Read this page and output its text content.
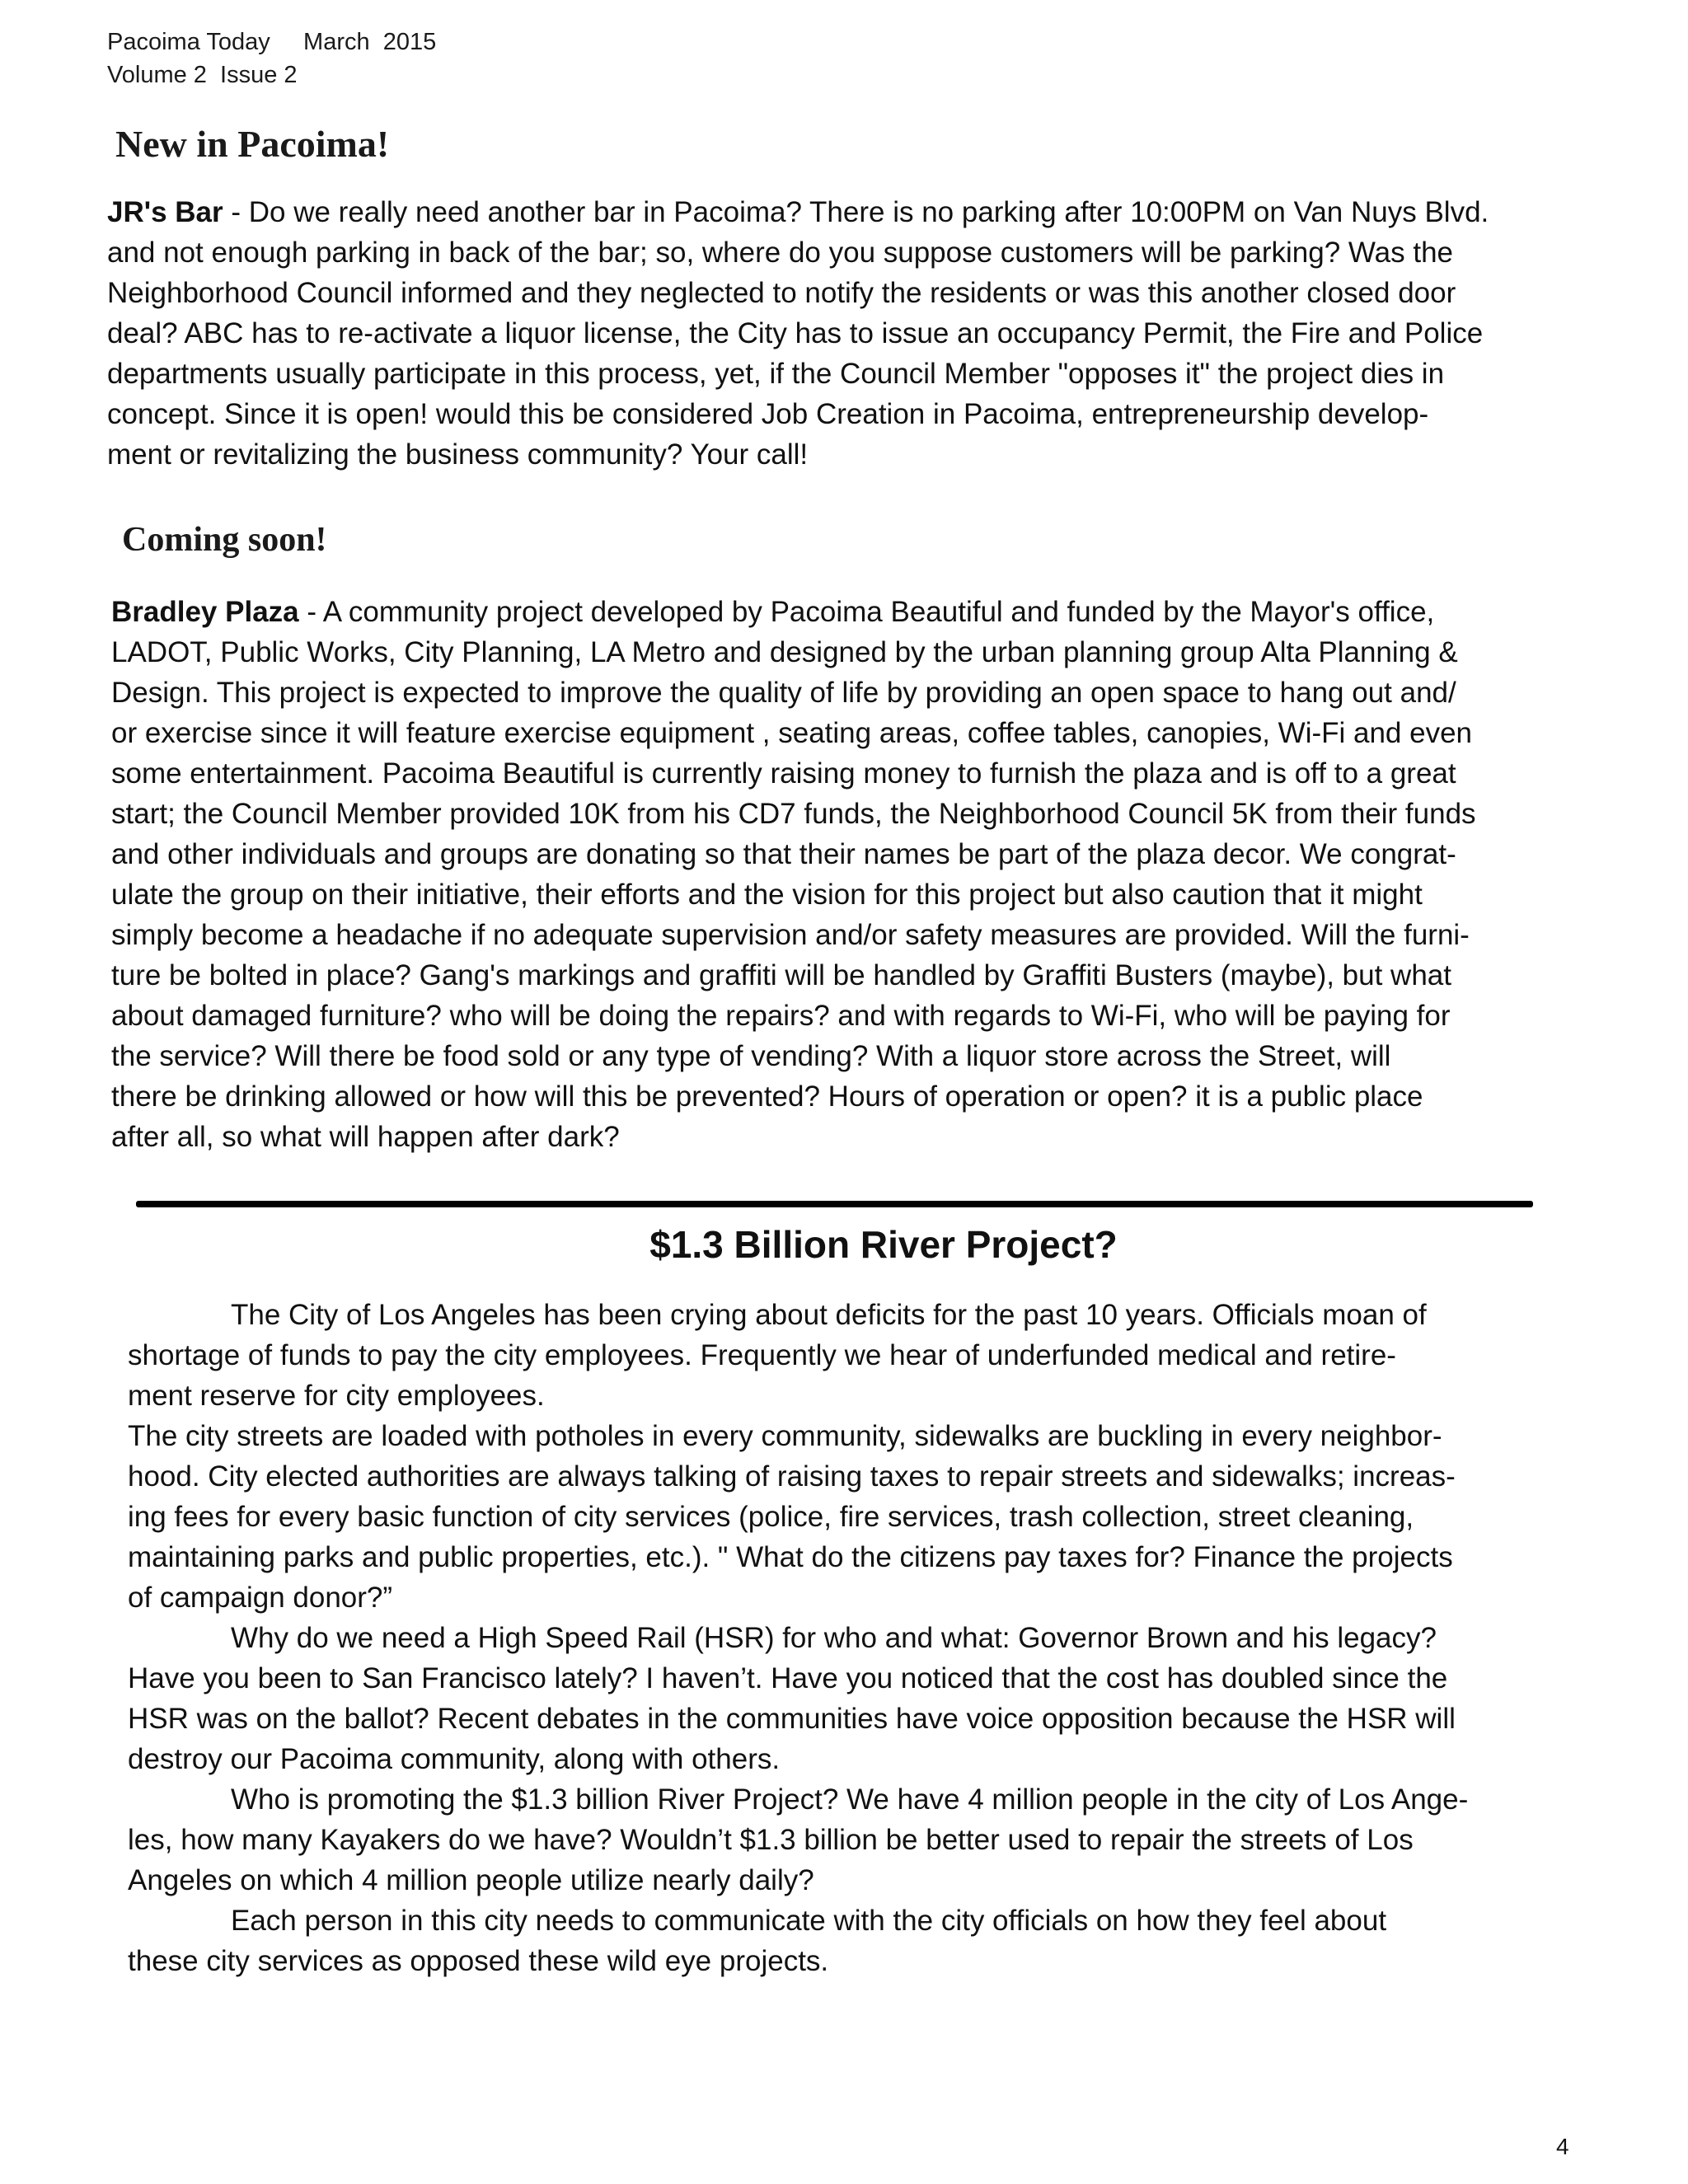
Pacoima Today March  2015
Volume 2  Issue 2
New in Pacoima!
JR's Bar - Do we really need another bar in Pacoima? There is no parking after 10:00PM on Van Nuys Blvd.
and not enough parking in back of the bar; so, where do you suppose customers will be parking? Was the
Neighborhood Council informed and they neglected to notify the residents or was this another closed door
deal? ABC has to re-activate a liquor license, the City has to issue an occupancy Permit, the Fire and Police
departments usually participate in this process, yet, if the Council Member "opposes it" the project dies in
concept. Since it is open! would this be considered Job Creation in Pacoima, entrepreneurship develop-
ment or revitalizing the business community? Your call!
Coming soon!
Bradley Plaza - A community project developed by Pacoima Beautiful and funded by the Mayor's office,
LADOT, Public Works, City Planning, LA Metro and designed by the urban planning group Alta Planning &
Design. This project is expected to improve the quality of life by providing an open space to hang out and/
or exercise since it will feature exercise equipment , seating areas, coffee tables, canopies, Wi-Fi and even
some entertainment. Pacoima Beautiful is currently raising money to furnish the plaza and is off to a great
start; the Council Member provided 10K from his CD7 funds, the Neighborhood Council 5K from their funds
and other individuals and groups are donating so that their names be part of the plaza decor. We congrat-
ulate the group on their initiative, their efforts and the vision for this project but also caution that it might
simply become a headache if no adequate supervision and/or safety measures are provided. Will the furni-
ture be bolted in place? Gang's markings and graffiti will be handled by Graffiti Busters (maybe), but what
about damaged furniture? who will be doing the repairs? and with regards to Wi-Fi, who will be paying for
the service? Will there be food sold or any type of vending? With a liquor store across the Street, will
there be drinking allowed or how will this be prevented? Hours of operation or open? it is a public place
after all, so what will happen after dark?
$1.3 Billion River Project?
The City of Los Angeles has been crying about deficits for the past 10 years. Officials moan of
shortage of funds to pay the city employees. Frequently we hear of underfunded medical and retire-
ment reserve for city employees.
The city streets are loaded with potholes in every community, sidewalks are buckling in every neighbor-
hood. City elected authorities are always talking of raising taxes to repair streets and sidewalks; increas-
ing fees for every basic function of city services (police, fire services, trash collection, street cleaning,
maintaining parks and public properties, etc.). " What do the citizens pay taxes for? Finance the projects
of campaign donor?”
Why do we need a High Speed Rail (HSR) for who and what: Governor Brown and his legacy?
Have you been to San Francisco lately? I haven’t. Have you noticed that the cost has doubled since the
HSR was on the ballot? Recent debates in the communities have voice opposition because the HSR will
destroy our Pacoima community, along with others.
Who is promoting the $1.3 billion River Project? We have 4 million people in the city of Los Ange-
les, how many Kayakers do we have? Wouldn’t $1.3 billion be better used to repair the streets of Los
Angeles on which 4 million people utilize nearly daily?
Each person in this city needs to communicate with the city officials on how they feel about
these city services as opposed these wild eye projects.
4
